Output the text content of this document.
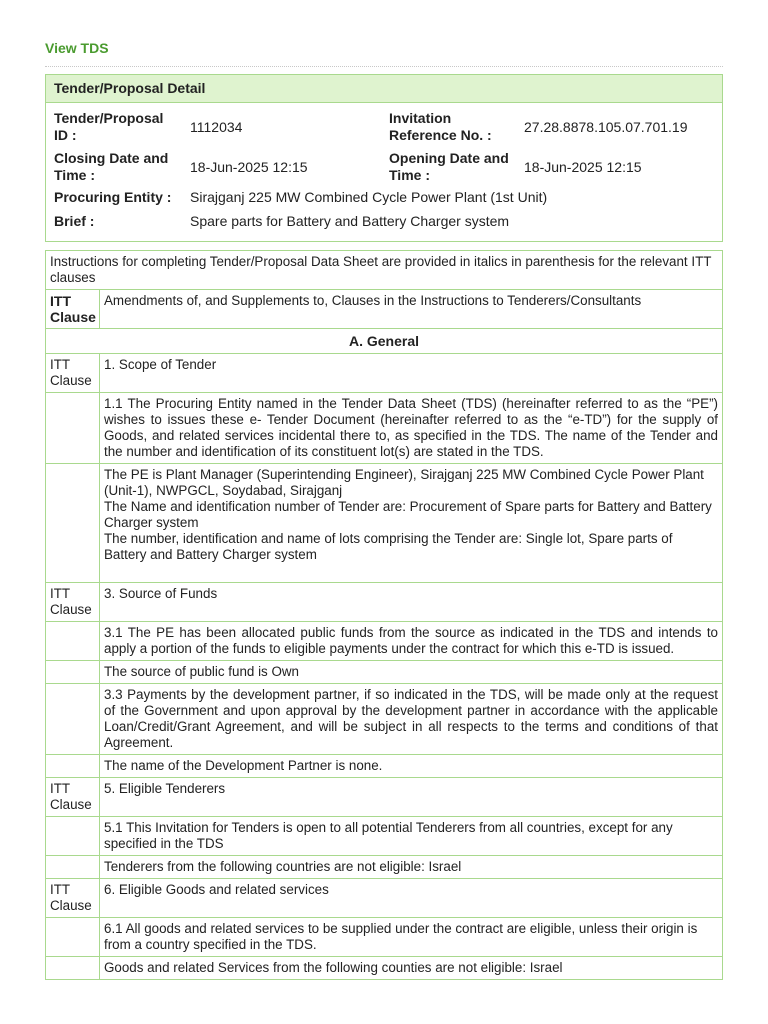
View TDS
Tender/Proposal Detail
Tender/Proposal ID :	1112034
Invitation Reference No. :	27.28.8878.105.07.701.19
Closing Date and Time :	18-Jun-2025 12:15
Opening Date and Time :	18-Jun-2025 12:15
Procuring Entity : Sirajganj 225 MW Combined Cycle Power Plant (1st Unit)
Brief :	Spare parts for Battery and Battery Charger system
Instructions for completing Tender/Proposal Data Sheet are provided in italics in parenthesis for the relevant ITT clauses	
ITT Clause	Amendments of, and Supplements to, Clauses in the Instructions to Tenderers/Consultants
A. General	
ITT Clause	1. Scope of Tender
	1.1 The Procuring Entity named in the Tender Data Sheet (TDS) (hereinafter referred to as the “PE”) wishes to issues these e- Tender Document (hereinafter referred to as the “e-TD”) for the supply of Goods, and related services incidental there to, as specified in the TDS. The name of the Tender and the number and identification of its constituent lot(s) are stated in the TDS.

	The PE is Plant Manager (Superintending Engineer), Sirajganj 225 MW Combined Cycle Power Plant (Unit-1), NWPGCL, Soydabad, Sirajganj
The Name and identification number of Tender are: Procurement of Spare parts for Battery and Battery Charger system
The number, identification and name of lots comprising the Tender are: Single lot, Spare parts of Battery and Battery Charger system

ITT Clause	3. Source of Funds
	3.1 The PE has been allocated public funds from the source as indicated in the TDS and intends to apply a portion of the funds to eligible payments under the contract for which this e-TD is issued.
	The source of public fund is Own
	3.3 Payments by the development partner, if so indicated in the TDS, will be made only at the request of the Government and upon approval by the development partner in accordance with the applicable Loan/Credit/Grant Agreement, and will be subject in all respects to the terms and conditions of that Agreement.
	The name of the Development Partner is none.
ITT Clause	5. Eligible Tenderers
	5.1 This Invitation for Tenders is open to all potential Tenderers from all countries, except for any specified in the TDS
	Tenderers from the following countries are not eligible: Israel
ITT Clause	6. Eligible Goods and related services
	6.1 All goods and related services to be supplied under the contract are eligible, unless their origin is from a country specified in the TDS.
	Goods and related Services from the following counties are not eligible: Israel
